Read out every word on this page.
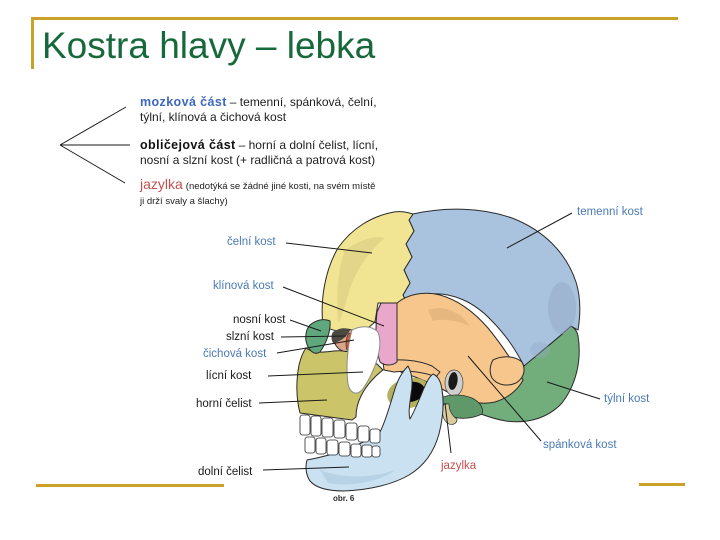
Kostra hlavy – lebka
mozková část – temenní, spánková, čelní,
týlní, klínová a čichová kost
obličejová část – horní a dolní čelist, lícní,
nosní a slzní kost (+ radličná a patrová kost)
jazylka (nedotýká se žádné jiné kosti, na svém místě
ji drží svaly a šlachy)
temenní kost
čelní kost
klínová kost
nosní kost
slzní kost
čichová kost
lícní kost
horní čelist	týlní kost
spánková kost
jazylka
dolní čelist
obr. 6
